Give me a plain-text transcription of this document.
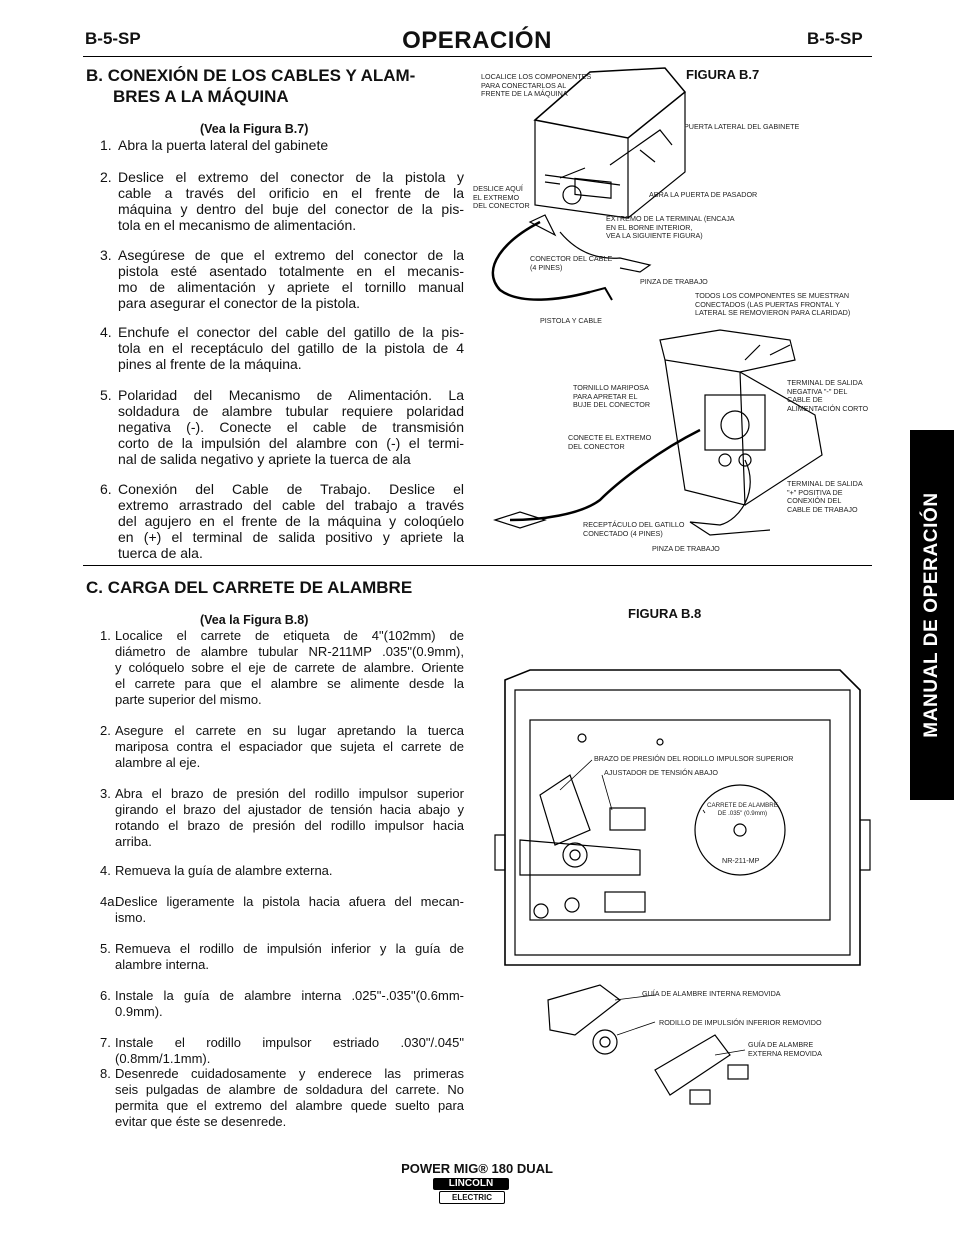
B-5-SP	OPERACIÓN	B-5-SP
MANUAL DE OPERACIÓN
B. CONEXIÓN DE LOS CABLES Y ALAM-
BRES A LA MÁQUINA
(Vea la Figura B.7)
1. Abra la puerta lateral del gabinete
2. Deslice el extremo del conector de la pistola y
cable a través del orificio en el frente de la
máquina y dentro del buje del conector de la pis-
tola en el mecanismo de alimentación.
3. Asegúrese de que el extremo del conector de la
pistola esté asentado totalmente en el mecanis-
mo de alimentación y apriete el tornillo manual
para asegurar el conector de la pistola.
4. Enchufe el conector del cable del gatillo de la pis-
tola en el receptáculo del gatillo de la pistola de 4
pines al frente de la máquina.
5. Polaridad del Mecanismo de Alimentación. La
soldadura de alambre tubular requiere polaridad
negativa (-). Conecte el cable de transmisión
corto de la impulsión del alambre con (-) el termi-
nal de salida negativo y apriete la tuerca de ala
6. Conexión del Cable de Trabajo. Deslice el
extremo arrastrado del cable del trabajo a través
del agujero en el frente de la máquina y coloqúelo
en (+) el terminal de salida positivo y apriete la
tuerca de ala.
C. CARGA DEL CARRETE DE ALAMBRE
(Vea la Figura B.8)
1. Localice el carrete de etiqueta de 4"(102mm) de
diámetro de alambre tubular NR-211MP .035"(0.9mm),
y colóquelo sobre el eje de carrete de alambre. Oriente
el carrete para que el alambre se alimente desde la
parte superior del mismo.
2. Asegure el carrete en su lugar apretando la tuerca
mariposa contra el espaciador que sujeta el carrete de
alambre al eje.
3. Abra el brazo de presión del rodillo impulsor superior
girando el brazo del ajustador de tensión hacia abajo y
rotando el brazo de presión del rodillo impulsor hacia
arriba.
4. Remueva la guía de alambre externa.
4a.
Deslice ligeramente la pistola hacia afuera del mecan-
ismo.
5. Remueva el rodillo de impulsión inferior y la guía de
alambre interna.
6. Instale la guía de alambre interna .025"-.035"(0.6mm-
0.9mm).
7. Instale el rodillo impulsor estriado .030"/.045"(0.8mm/1.1mm).
8. Desenrede cuidadosamente y enderece las primeras
seis pulgadas de alambre de soldadura del carrete. No
permita que el extremo del alambre quede suelto para
evitar que éste se desenrede.
FIGURA B.7
LOCALICE LOS COMPONENTES
PARA CONECTARLOS AL
FRENTE DE LA MÁQUINA
PUERTA LATERAL DEL GABINETE
DESLICE AQUÍ
EL EXTREMO
DEL CONECTOR
ABRA LA PUERTA DE PASADOR
EXTREMO DE LA TERMINAL (ENCAJA
EN EL BORNE INTERIOR,
VEA LA SIGUIENTE FIGURA)
CONECTOR DEL CABLE
(4 PINES)
PINZA DE TRABAJO
PISTOLA Y CABLE
TODOS LOS COMPONENTES SE MUESTRAN
CONECTADOS (LAS PUERTAS FRONTAL Y
LATERAL SE REMOVIERON PARA CLARIDAD)
TORNILLO MARIPOSA
PARA APRETAR EL
BUJE DEL CONECTOR
TERMINAL DE SALIDA
NEGATIVA "-" DEL
CABLE DE
ALIMENTACIÓN CORTO
CONECTE EL EXTREMO
DEL CONECTOR
TERMINAL DE SALIDA
"+" POSITIVA DE
CONEXIÓN DEL
CABLE DE TRABAJO
RECEPTÁCULO DEL GATILLO
CONECTADO (4 PINES)
PINZA DE TRABAJO
FIGURA B.8
BRAZO DE PRESIÓN DEL RODILLO IMPULSOR SUPERIOR
AJUSTADOR DE TENSIÓN ABAJO
CARRETE DE ALAMBRE
DE .035" (0.9mm)
NR-211-MP
GUÍA DE ALAMBRE INTERNA REMOVIDA
RODILLO DE IMPULSIÓN INFERIOR REMOVIDO
GUÍA DE ALAMBRE
EXTERNA REMOVIDA
POWER MIG® 180 DUAL
LINCOLN
ELECTRIC
